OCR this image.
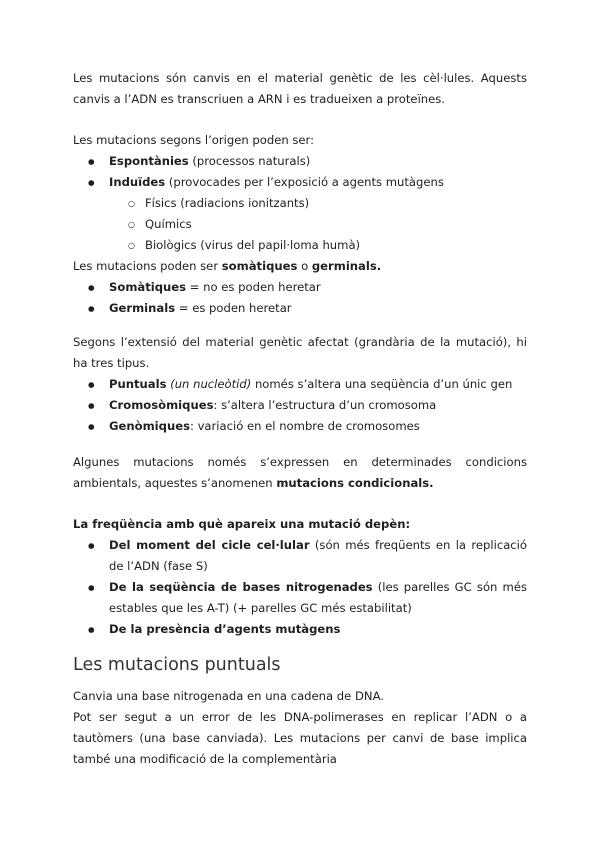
Les mutacions són canvis en el material genètic de les cèl·lules. Aquests canvis a l’ADN es transcriuen a ARN i es tradueixen a proteïnes.

Les mutacions segons l’origen poden ser:

● Espontànies (processos naturals)
● Induïdes (provocades per l’exposició a agents mutàgens
○ Físics (radiacions ionitzants)
○ Químics
○ Biològics (virus del papil·loma humà)

Les mutacions poden ser somàtiques o germinals.

● Somàtiques = no es poden heretar
● Germinals = es poden heretar

Segons l’extensió del material genètic afectat (grandària de la mutació), hi ha tres tipus.

● Puntuals (un nucleòtid) només s’altera una seqüència d’un únic gen
● Cromosòmiques: s’altera l’estructura d’un cromosoma
● Genòmiques: variació en el nombre de cromosomes

Algunes mutacions només s’expressen en determinades condicions ambientals, aquestes s’anomenen mutacions condicionals.

La freqüència amb què apareix una mutació depèn:

● Del moment del cicle cel·lular (són més freqüents en la replicació de l’ADN (fase S)
● De la seqüència de bases nitrogenades (les parelles GC són més estables que les A-T) (+ parelles GC més estabilitat)
● De la presència d’agents mutàgens
Les mutacions puntuals

Canvia una base nitrogenada en una cadena de DNA.

Pot ser segut a un error de les DNA-polimerases en replicar l’ADN o a tautòmers (una base canviada). Les mutacions per canvi de base implica també una modificació de la complementària
